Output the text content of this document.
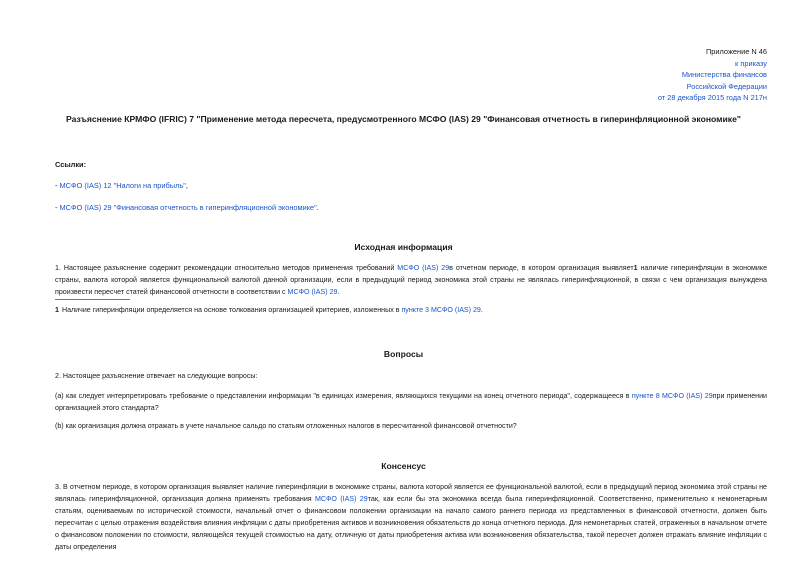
Приложение N 46
к приказу
Министерства финансов
Российской Федерации
от 28 декабря 2015 года N 217н
Разъяснение КРМФО (IFRIC) 7 "Применение метода пересчета, предусмотренного МСФО (IAS) 29 "Финансовая отчетность в гиперинфляционной экономике"
Ссылки:
- МСФО (IAS) 12 "Налоги на прибыль",
- МСФО (IAS) 29 "Финансовая отчетность в гиперинфляционной экономике".
Исходная информация
1. Настоящее разъяснение содержит рекомендации относительно методов применения требований МСФО (IAS) 29в отчетном периоде, в котором организация выявляет1 наличие гиперинфляции в экономике страны, валюта которой является функциональной валютой данной организации, если в предыдущий период экономика этой страны не являлась гиперинфляционной, в связи с чем организация вынуждена произвести пересчет статей финансовой отчетности в соответствии с МСФО (IAS) 29.
1 Наличие гиперинфляции определяется на основе толкования организацией критериев, изложенных в пункте 3 МСФО (IAS) 29.
Вопросы
2. Настоящее разъяснение отвечает на следующие вопросы:
(a) как следует интерпретировать требование о представлении информации "в единицах измерения, являющихся текущими на конец отчетного периода", содержащееся в пункте 8 МСФО (IAS) 29при применении организацией этого стандарта?
(b) как организация должна отражать в учете начальное сальдо по статьям отложенных налогов в пересчитанной финансовой отчетности?
Консенсус
3. В отчетном периоде, в котором организация выявляет наличие гиперинфляции в экономике страны, валюта которой является ее функциональной валютой, если в предыдущий период экономика этой страны не являлась гиперинфляционной, организация должна применять требования МСФО (IAS) 29так, как если бы эта экономика всегда была гиперинфляционной. Соответственно, применительно к немонетарным статьям, оцениваемым по исторической стоимости, начальный отчет о финансовом положении организации на начало самого раннего периода из представленных в финансовой отчетности, должен быть пересчитан с целью отражения воздействия влияния инфляции с даты приобретения активов и возникновения обязательств до конца отчетного периода. Для немонетарных статей, отраженных в начальном отчете о финансовом положении по стоимости, являющейся текущей стоимостью на дату, отличную от даты приобретения актива или возникновения обязательства, такой пересчет должен отражать влияние инфляции с даты определения
